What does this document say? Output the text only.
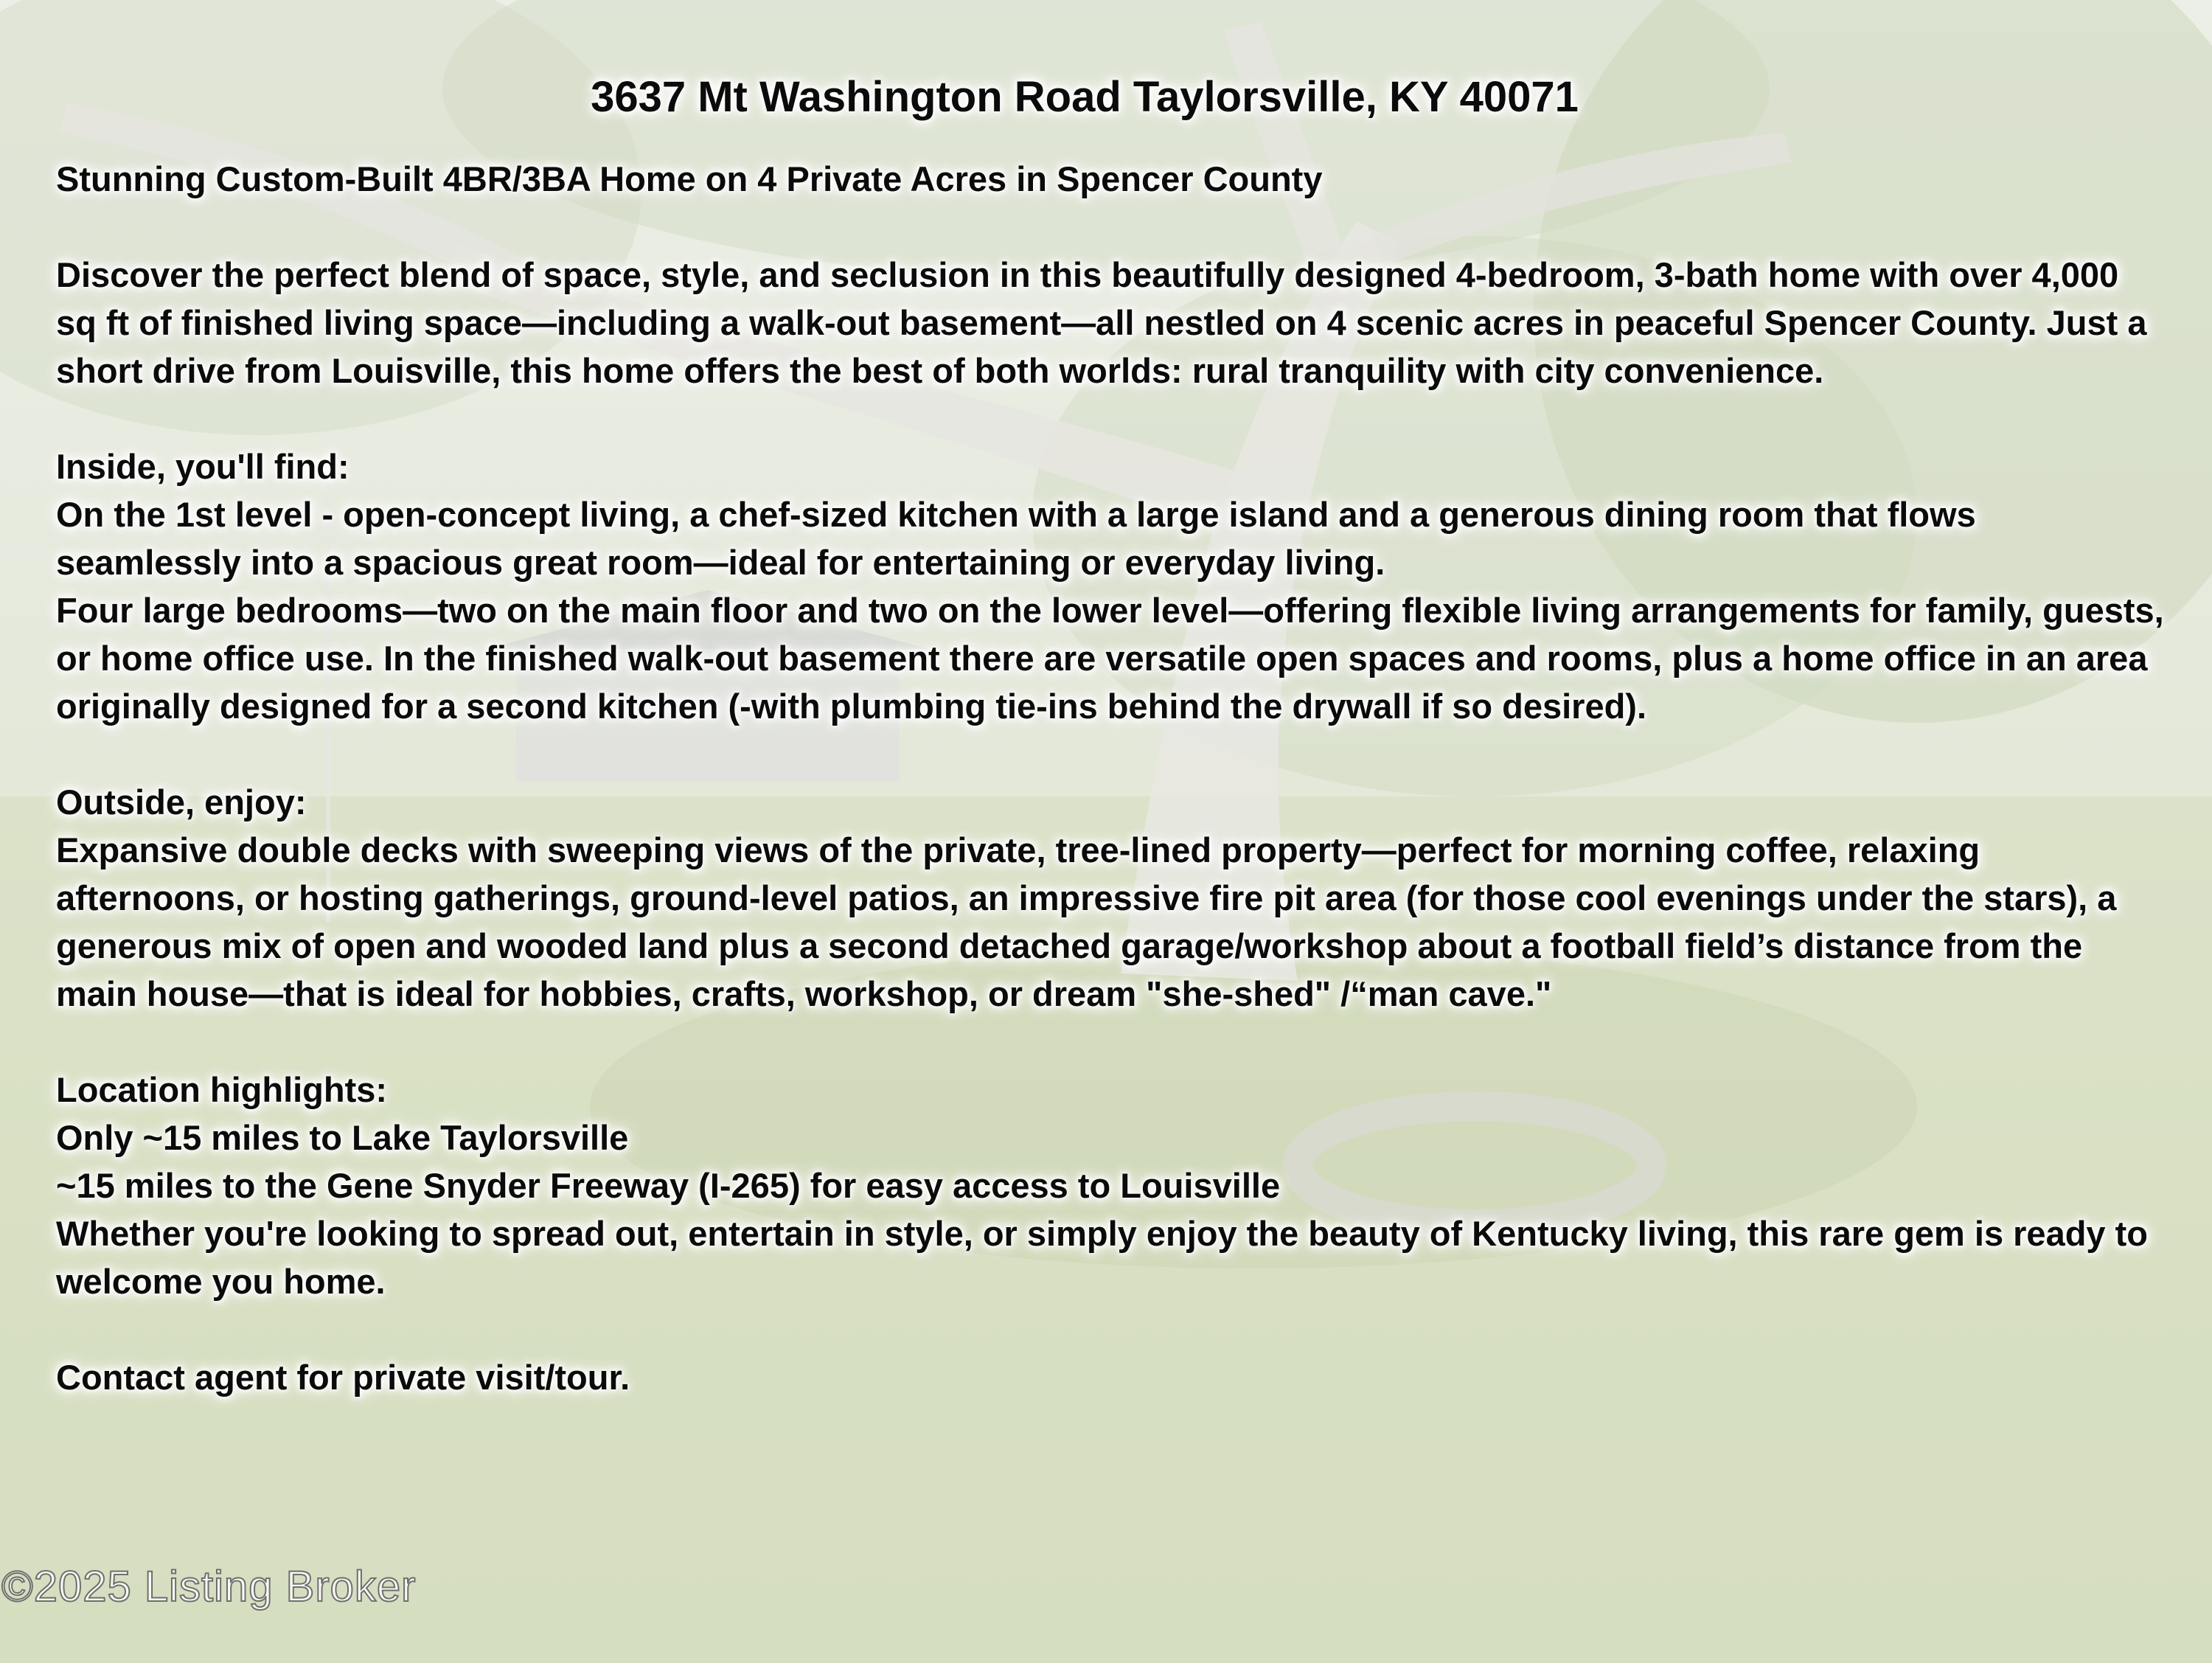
3637 Mt Washington Road Taylorsville, KY 40071

Stunning Custom-Built 4BR/3BA Home on 4 Private Acres in Spencer County

Discover the perfect blend of space, style, and seclusion in this beautifully designed 4-bedroom, 3-bath home with over 4,000 sq ft of finished living space—including a walk-out basement—all nestled on 4 scenic acres in peaceful Spencer County. Just a short drive from Louisville, this home offers the best of both worlds: rural tranquility with city convenience.

Inside, you'll find:

On the 1st level - open-concept living, a chef-sized kitchen with a large island and a generous dining room that flows seamlessly into a spacious great room—ideal for entertaining or everyday living.

Four large bedrooms—two on the main floor and two on the lower level—offering flexible living arrangements for family, guests, or home office use. In the finished walk-out basement there are versatile open spaces and rooms, plus a home office in an area originally designed for a second kitchen (-with plumbing tie-ins behind the drywall if so desired).

Outside, enjoy:

Expansive double decks with sweeping views of the private, tree-lined property—perfect for morning coffee, relaxing afternoons, or hosting gatherings, ground-level patios, an impressive fire pit area (for those cool evenings under the stars), a generous mix of open and wooded land plus a second detached garage/workshop about a football field’s distance from the main house—that is ideal for hobbies, crafts, workshop, or dream "she-shed" /“man cave."

Location highlights:

Only ~15 miles to Lake Taylorsville

~15 miles to the Gene Snyder Freeway (I-265) for easy access to Louisville

Whether you're looking to spread out, entertain in style, or simply enjoy the beauty of Kentucky living, this rare gem is ready to welcome you home.

Contact agent for private visit/tour.

©2025 Listing Broker
